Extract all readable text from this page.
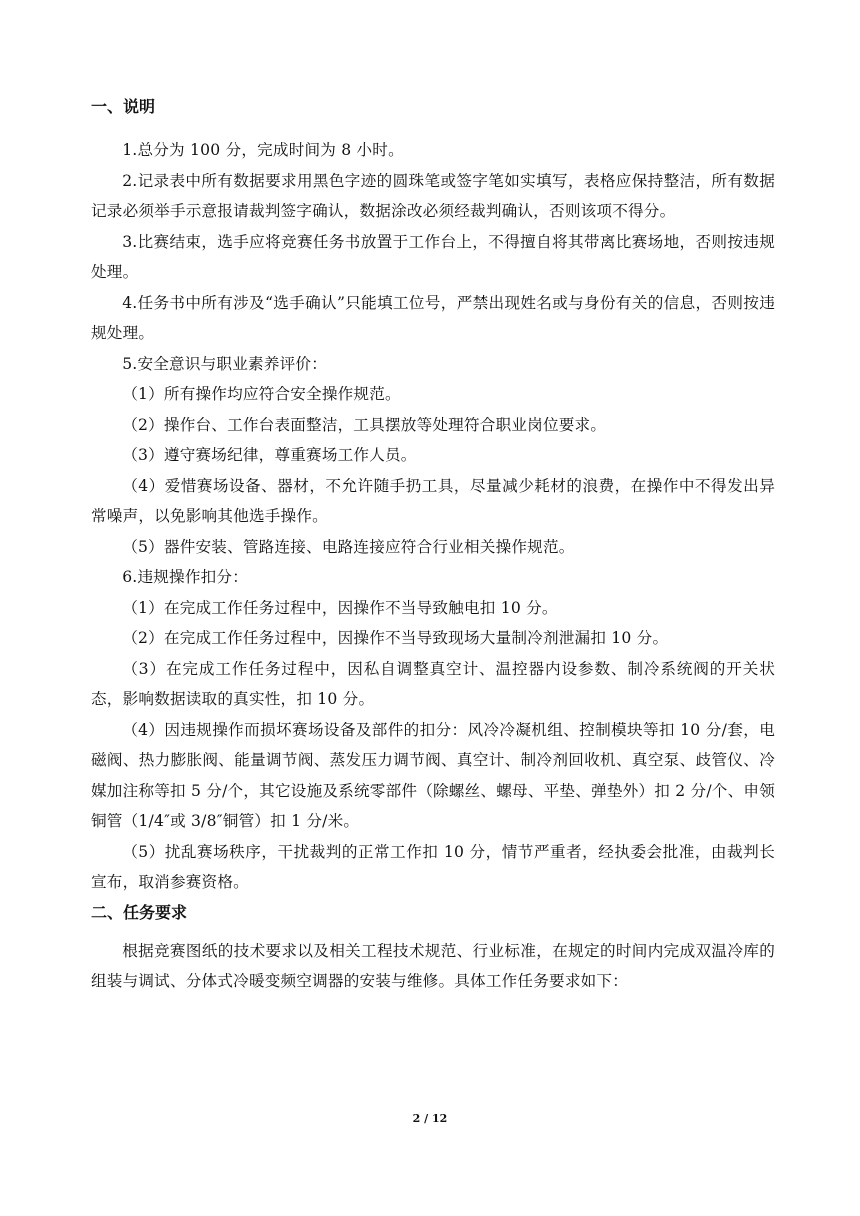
一、说明

1.总分为 100 分，完成时间为 8 小时。

2.记录表中所有数据要求用黑色字迹的圆珠笔或签字笔如实填写，表格应保持整洁，所有数据记录必须举手示意报请裁判签字确认，数据涂改必须经裁判确认，否则该项不得分。

3.比赛结束，选手应将竞赛任务书放置于工作台上，不得擅自将其带离比赛场地，否则按违规处理。

4.任务书中所有涉及“选手确认”只能填工位号，严禁出现姓名或与身份有关的信息，否则按违规处理。

5.安全意识与职业素养评价：

（1）所有操作均应符合安全操作规范。

（2）操作台、工作台表面整洁，工具摆放等处理符合职业岗位要求。

（3）遵守赛场纪律，尊重赛场工作人员。

（4）爱惜赛场设备、器材，不允许随手扔工具，尽量减少耗材的浪费，在操作中不得发出异常噪声，以免影响其他选手操作。

（5）器件安装、管路连接、电路连接应符合行业相关操作规范。

6.违规操作扣分：

（1）在完成工作任务过程中，因操作不当导致触电扣 10 分。

（2）在完成工作任务过程中，因操作不当导致现场大量制冷剂泄漏扣 10 分。

（3）在完成工作任务过程中，因私自调整真空计、温控器内设参数、制冷系统阀的开关状态，影响数据读取的真实性，扣 10 分。

（4）因违规操作而损坏赛场设备及部件的扣分：风冷冷凝机组、控制模块等扣 10 分/套，电磁阀、热力膨胀阀、能量调节阀、蒸发压力调节阀、真空计、制冷剂回收机、真空泵、歧管仪、冷媒加注称等扣 5 分/个，其它设施及系统零部件（除螺丝、螺母、平垫、弹垫外）扣 2 分/个、申领铜管（1/4″或 3/8″铜管）扣 1 分/米。

（5）扰乱赛场秩序，干扰裁判的正常工作扣 10 分，情节严重者，经执委会批准，由裁判长宣布，取消参赛资格。

二、任务要求

根据竞赛图纸的技术要求以及相关工程技术规范、行业标准，在规定的时间内完成双温冷库的组装与调试、分体式冷暖变频空调器的安装与维修。具体工作任务要求如下：

2 / 12
